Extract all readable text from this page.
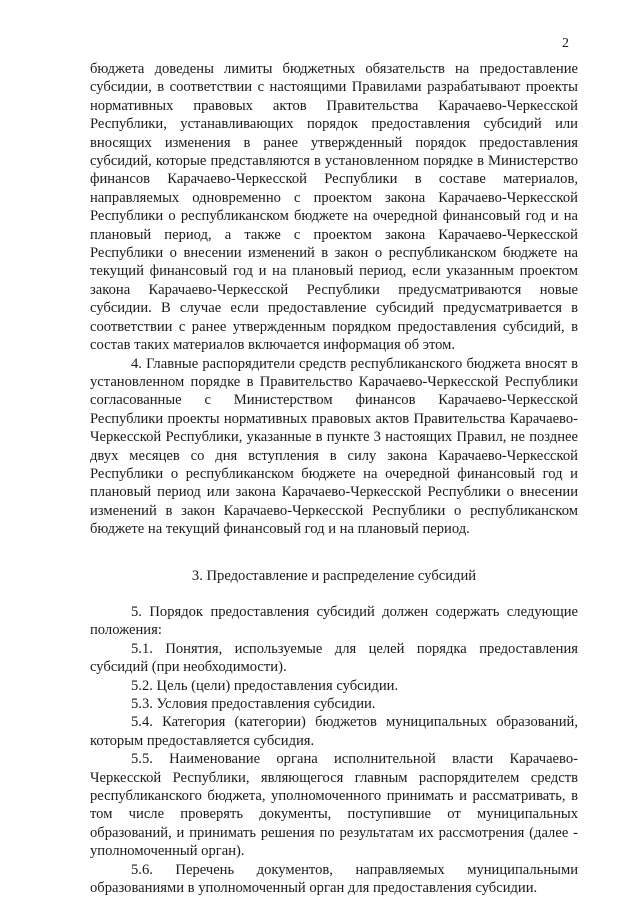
2

бюджета доведены лимиты бюджетных обязательств на предоставление субсидии, в соответствии с настоящими Правилами разрабатывают проекты нормативных правовых актов Правительства Карачаево-Черкесской Республики, устанавливающих порядок предоставления субсидий или вносящих изменения в ранее утвержденный порядок предоставления субсидий, которые представляются в установленном порядке в Министерство финансов Карачаево-Черкесской Республики в составе материалов, направляемых одновременно с проектом закона Карачаево-Черкесской Республики о республиканском бюджете на очередной финансовый год и на плановый период, а также с проектом закона Карачаево-Черкесской Республики о внесении изменений в закон о республиканском бюджете на текущий финансовый год и на плановый период, если указанным проектом закона Карачаево-Черкесской Республики предусматриваются новые субсидии. В случае если предоставление субсидий предусматривается в соответствии с ранее утвержденным порядком предоставления субсидий, в состав таких материалов включается информация об этом.

4. Главные распорядители средств республиканского бюджета вносят в установленном порядке в Правительство Карачаево-Черкесской Республики согласованные с Министерством финансов Карачаево-Черкесской Республики проекты нормативных правовых актов Правительства Карачаево-Черкесской Республики, указанные в пункте 3 настоящих Правил, не позднее двух месяцев со дня вступления в силу закона Карачаево-Черкесской Республики о республиканском бюджете на очередной финансовый год и плановый период или закона Карачаево-Черкесской Республики о внесении изменений в закон Карачаево-Черкесской Республики о республиканском бюджете на текущий финансовый год и на плановый период.

3. Предоставление и распределение субсидий

5. Порядок предоставления субсидий должен содержать следующие положения:

5.1. Понятия, используемые для целей порядка предоставления субсидий (при необходимости).

5.2. Цель (цели) предоставления субсидии.

5.3. Условия предоставления субсидии.

5.4. Категория (категории) бюджетов муниципальных образований, которым предоставляется субсидия.

5.5. Наименование органа исполнительной власти Карачаево-Черкесской Республики, являющегося главным распорядителем средств республиканского бюджета, уполномоченного принимать и рассматривать, в том числе проверять документы, поступившие от муниципальных образований, и принимать решения по результатам их рассмотрения (далее - уполномоченный орган).

5.6. Перечень документов, направляемых муниципальными образованиями в уполномоченный орган для предоставления субсидии.
